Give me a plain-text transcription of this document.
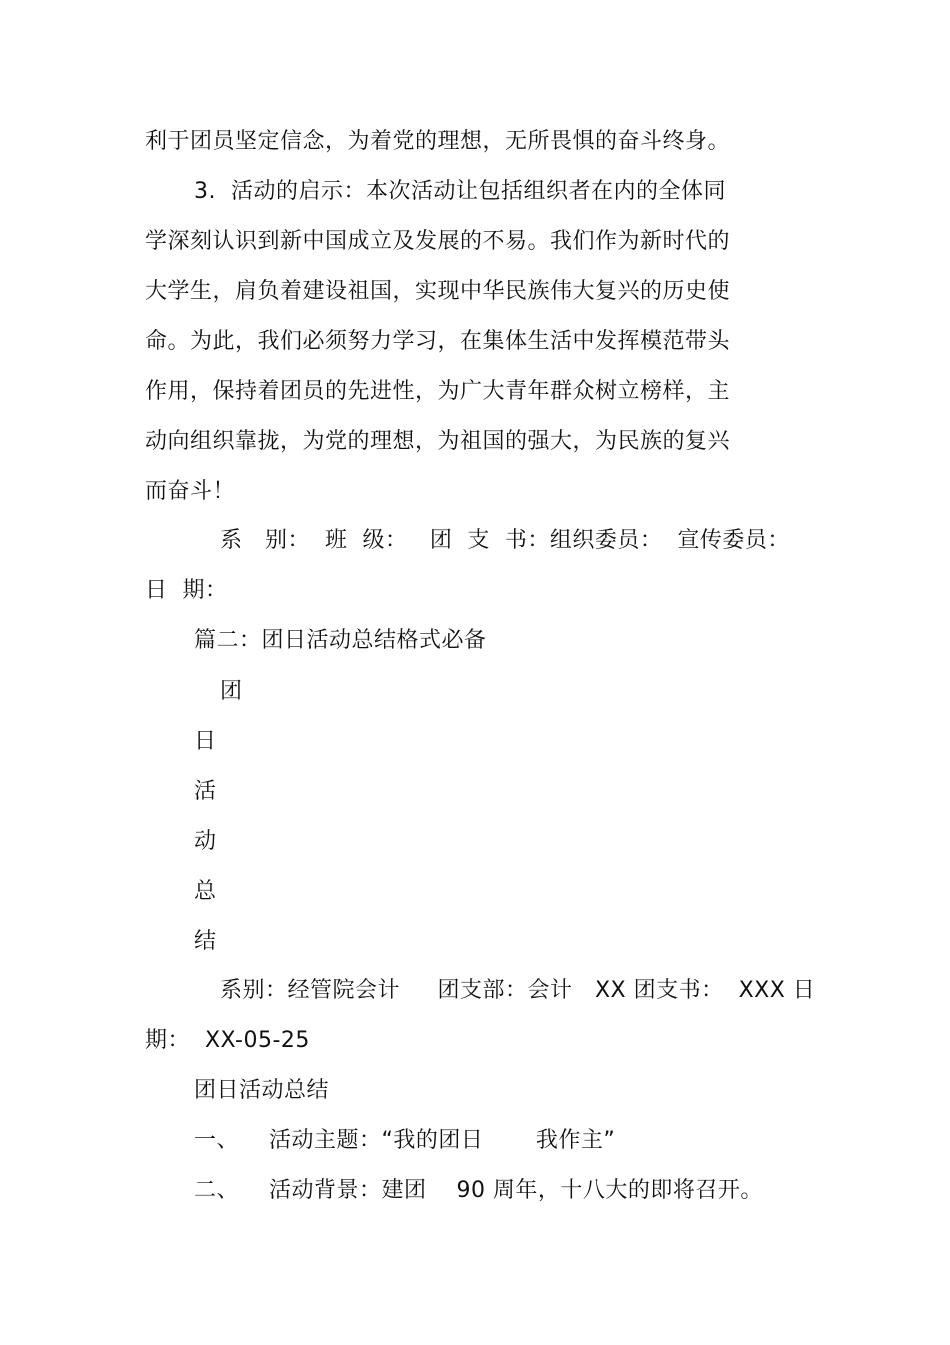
利于团员坚定信念，为着党的理想，无所畏惧的奋斗终身。
3.  活动的启示：本次活动让包括组织者在内的全体同
学深刻认识到新中国成立及发展的不易。我们作为新时代的
大学生，肩负着建设祖国，实现中华民族伟大复兴的历史使
命。为此，我们必须努力学习，在集体生活中发挥模范带头
作用，保持着团员的先进性，为广大青年群众树立榜样，主
动向组织靠拢，为党的理想，为祖国的强大，为民族的复兴
而奋斗！
系   别：  班  级：   团  支  书：组织委员：  宣传委员：
日  期：
篇二：团日活动总结格式必备
团
日
活
动
总
结
系别：经管院会计     团支部：会计   XX 团支书：  XXX 日
期：  XX-05-25
团日活动总结
一、    活动主题：“我的团日       我作主”
二、    活动背景：建团    90 周年，十八大的即将召开。
